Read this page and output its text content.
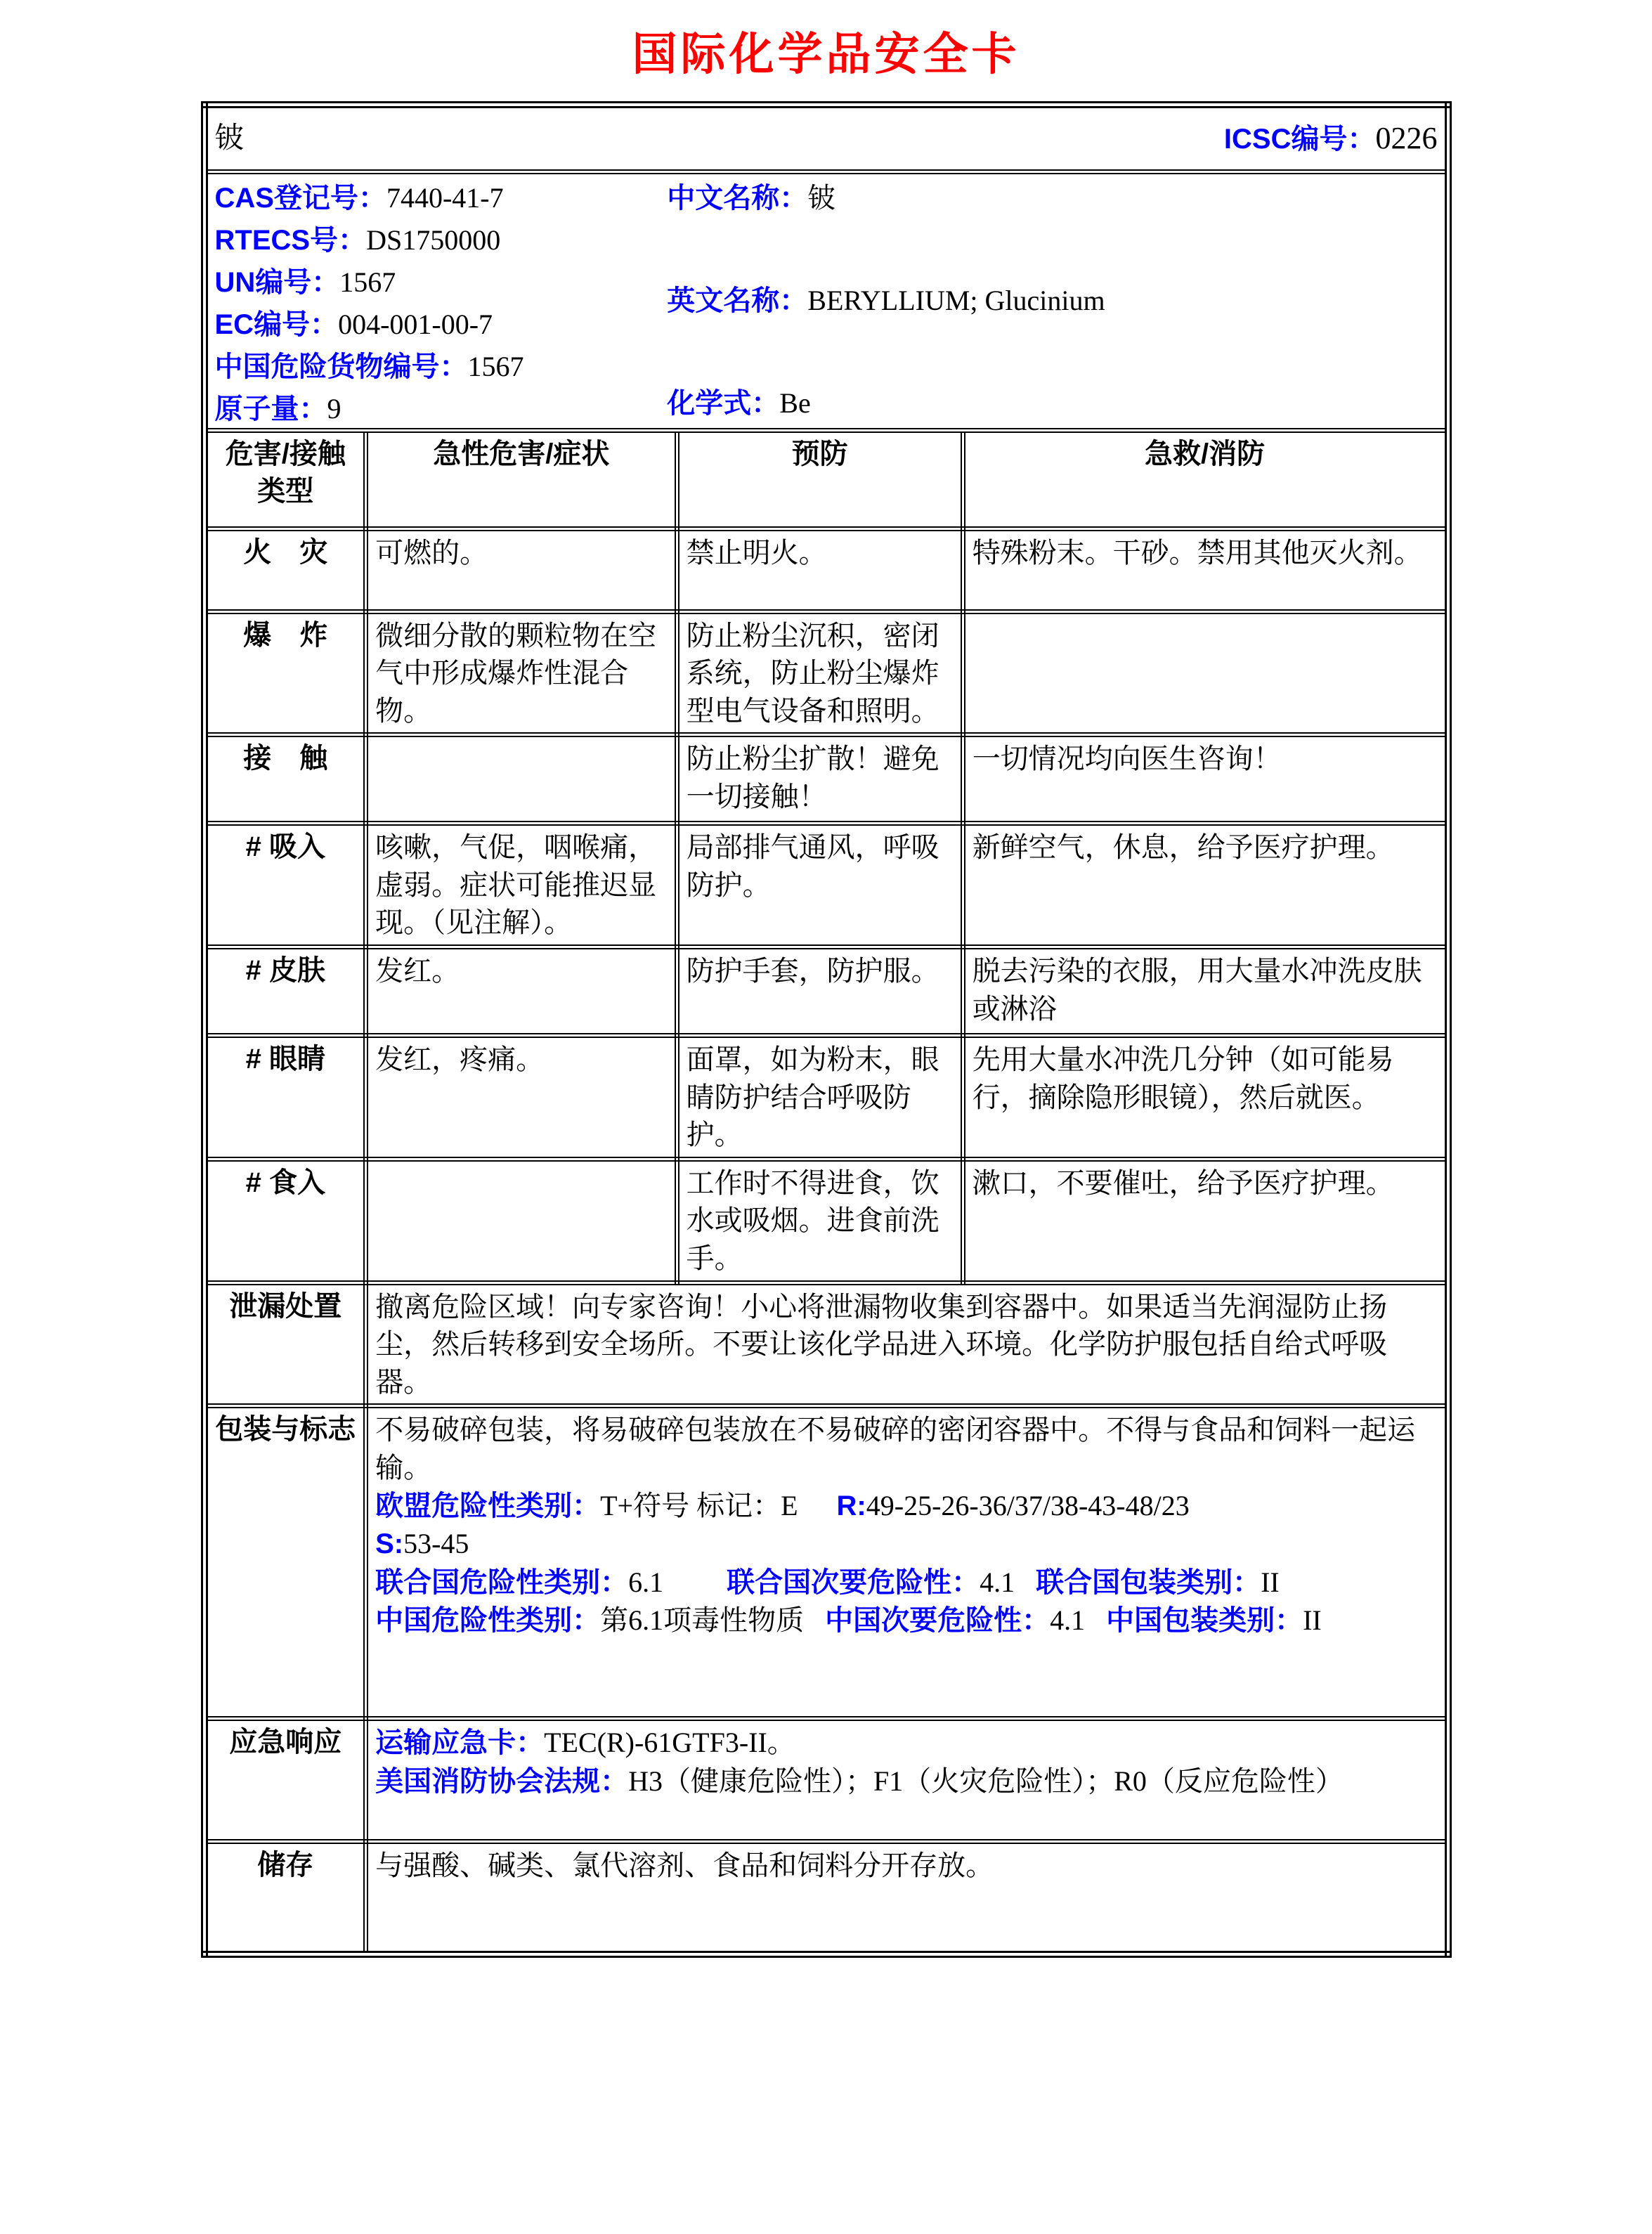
国际化学品安全卡
铍 ICSC编号：0226			

CAS登记号：7440-41-7
RTECS号：DS1750000
UN编号：1567
EC编号：004-001-00-7
中国危险货物编号：1567
原子量：9
中文名称：铍
英文名称：BERYLLIUM; Glucinium
化学式：Be

危害/接触类型	急性危害/症状	预防	急救/消防
火　灾	可燃的。	禁止明火。	特殊粉末。干砂。禁用其他灭火剂。
爆　炸	微细分散的颗粒物在空气中形成爆炸性混合物。	防止粉尘沉积，密闭系统，防止粉尘爆炸型电气设备和照明。	
接　触		防止粉尘扩散！避免一切接触！	一切情况均向医生咨询！
# 吸入	咳嗽，气促，咽喉痛，虚弱。症状可能推迟显现。（见注解）。	局部排气通风，呼吸防护。	新鲜空气，休息，给予医疗护理。
# 皮肤	发红。	防护手套，防护服。	脱去污染的衣服，用大量水冲洗皮肤或淋浴
# 眼睛	发红，疼痛。	面罩，如为粉末，眼睛防护结合呼吸防护。	先用大量水冲洗几分钟（如可能易行，摘除隐形眼镜），然后就医。
# 食入		工作时不得进食，饮水或吸烟。进食前洗手。	漱口，不要催吐，给予医疗护理。
泄漏处置	撤离危险区域！向专家咨询！小心将泄漏物收集到容器中。如果适当先润湿防止扬尘，然后转移到安全场所。不要让该化学品进入环境。化学防护服包括自给式呼吸器。		
包装与标志	不易破碎包装，将易破碎包装放在不易破碎的密闭容器中。不得与食品和饲料一起运输。
欧盟危险性类别：T+符号 标记：E R:49-25-26-36/37/38-43-48/23
S:53-45
联合国危险性类别：6.1 联合国次要危险性：4.1 联合国包装类别：II
中国危险性类别：第6.1项毒性物质 中国次要危险性：4.1 中国包装类别：II		

应急响应	运输应急卡：TEC(R)-61GTF3-II。
美国消防协会法规：H3（健康危险性）；F1（火灾危险性）；R0（反应危险性）		

储存	与强酸、碱类、氯代溶剂、食品和饲料分开存放。		
